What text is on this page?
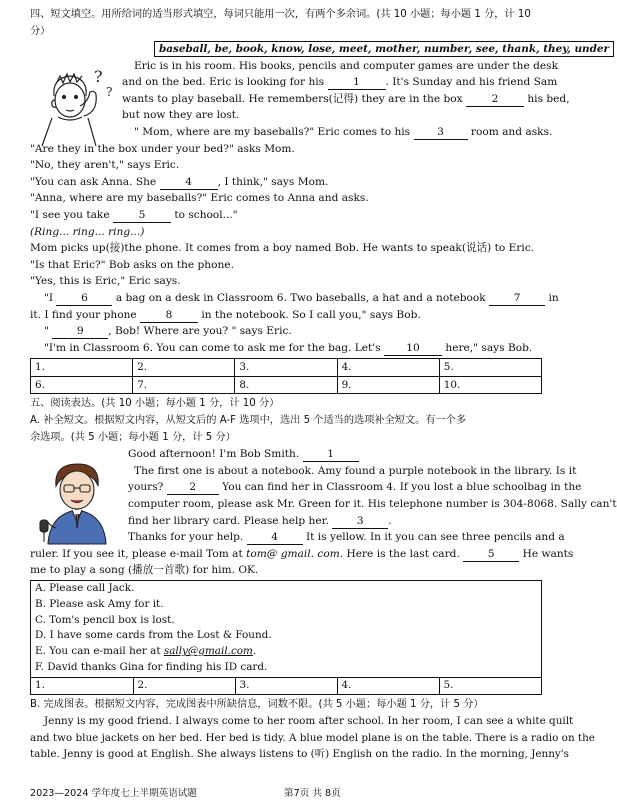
四、短文填空。用所给词的适当形式填空，每词只能用一次，有两个多余词。(共 10 小题；每小题 1 分，计 10 分）
baseball, be, book, know, lose, meet, mother, number, see, thank, they, under
Eric is in his room. His books, pencils and computer games are under the desk
and on the bed. Eric is looking for his	1 . It's Sunday and his friend Sam
wants to play baseball. He remembers(记得) they are in the box	2	his bed,
but now they are lost.
" Mom, where are my baseballs?" Eric comes to his	3	room and asks.
"Are they in the box under your bed?" asks Mom.
"No, they aren't," says Eric.
"You can ask Anna. She	4 , I think," says Mom.
"Anna, where are my baseballs?" Eric comes to Anna and asks.
"I see you take	5	to school..."
(Ring... ring... ring...)
Mom picks up(接)the phone. It comes from a boy named Bob. He wants to speak(说话) to Eric.
"Is that Eric?" Bob asks on the phone.
"Yes, this is Eric," Eric says.
"I	6	a bag on a desk in Classroom 6. Two baseballs, a hat and a notebook	7	in
it. I find your phone	8	in the notebook. So I call you," says Bob.
"	9 , Bob! Where are you? " says Eric.
"I'm in Classroom 6. You can come to ask me for the bag. Let's 10 here," says Bob.
1.	2.	3.	4.	5.
6.	7.	8.	9.	10.
五、阅读表达。(共 10 小题；每小题 1 分，计 10 分）
A. 补全短文。根据短文内容，从短文后的 A-F 选项中，选出 5 个适当的选项补全短文。有一个多
余选项。(共 5 小题；每小题 1 分，计 5 分）
Good afternoon! I'm Bob Smith.	1
The first one is about a notebook. Amy found a purple notebook in the library. Is it
yours? 2 You can find her in Classroom 4. If you lost a blue schoolbag in the
computer room, please ask Mr. Green for it. His telephone number is 304-8068. Sally can't
find her library card. Please help her.	3 .
Thanks for your help.	4	It is yellow. In it you can see three pencils and a
ruler. If you see it, please e-mail Tom at tom@ gmail. com. Here is the last card.	5	He wants
me to play a song (播放一首歌) for him. OK.
A. Please call Jack.
B. Please ask Amy for it.
C. Tom's pencil box is lost.
D. I have some cards from the Lost & Found.
E. You can e-mail her at sally@gmail.com.
F. David thanks Gina for finding his ID card.
1.	2.	3.	4.	5.
B. 完成图表。根据短文内容，完成图表中所缺信息，词数不限。(共 5 小题；每小题 1 分，计 5 分）
Jenny is my good friend. I always come to her room after school. In her room, I can see a white quilt
and two blue jackets on her bed. Her bed is tidy. A blue model plane is on the table. There is a radio on the
table. Jenny is good at English. She always listens to (听) English on the radio. In the morning, Jenny's
?
?
2023—2024 学年度七上半期英语试题	第7页 共 8页
